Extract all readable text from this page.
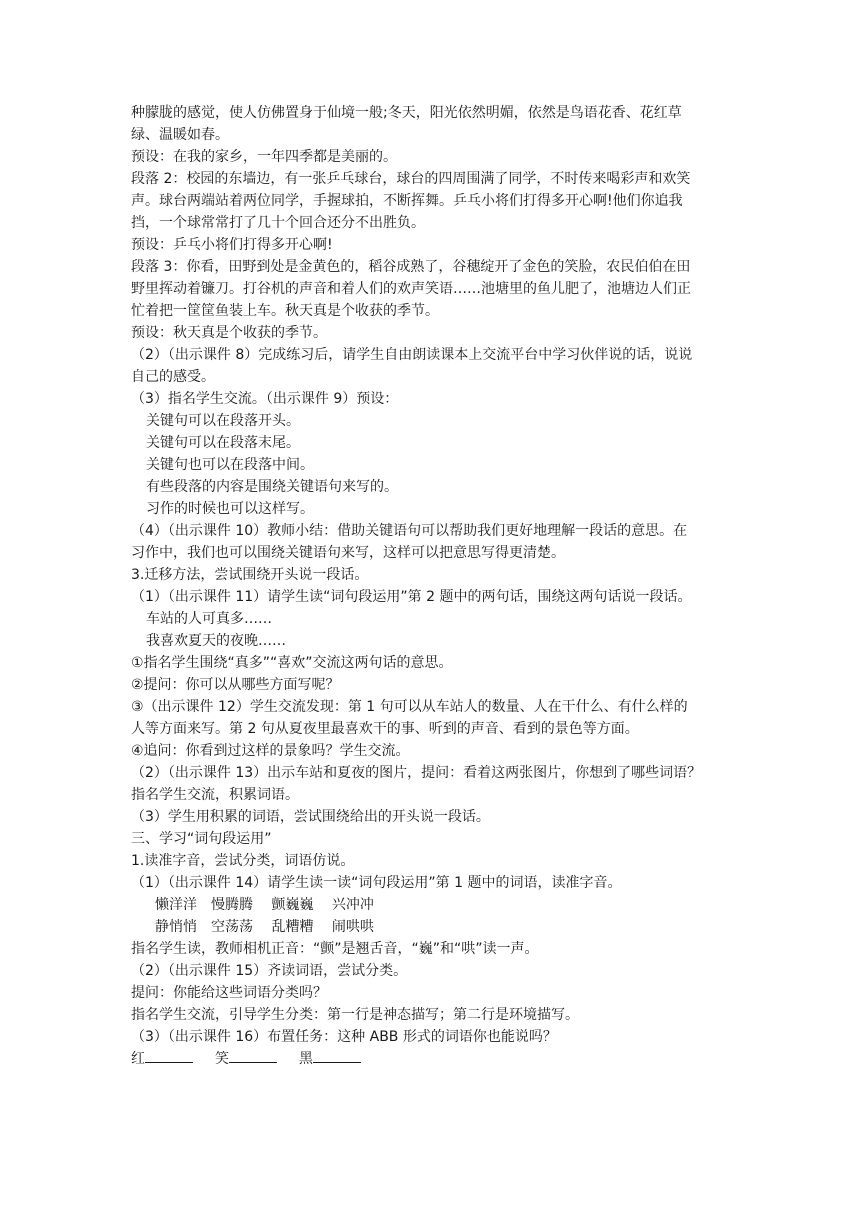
种朦胧的感觉，使人仿佛置身于仙境一般;冬天，阳光依然明媚，依然是鸟语花香、花红草
绿、温暖如春。
预设：在我的家乡，一年四季都是美丽的。
段落 2：校园的东墙边，有一张乒乓球台，球台的四周围满了同学，不时传来喝彩声和欢笑
声。球台两端站着两位同学，手握球拍，不断挥舞。乒乓小将们打得多开心啊!他们你追我
挡，一个球常常打了几十个回合还分不出胜负。
预设：乒乓小将们打得多开心啊!
段落 3：你看，田野到处是金黄色的，稻谷成熟了，谷穗绽开了金色的笑脸，农民伯伯在田
野里挥动着镰刀。打谷机的声音和着人们的欢声笑语……池塘里的鱼儿肥了，池塘边人们正
忙着把一筐筐鱼装上车。秋天真是个收获的季节。
预设：秋天真是个收获的季节。
（2）（出示课件 8）完成练习后，请学生自由朗读课本上交流平台中学习伙伴说的话，说说
自己的感受。
（3）指名学生交流。（出示课件 9）预设：
关键句可以在段落开头。
关键句可以在段落末尾。
关键句也可以在段落中间。
有些段落的内容是围绕关键语句来写的。
习作的时候也可以这样写。
（4）（出示课件 10）教师小结：借助关键语句可以帮助我们更好地理解一段话的意思。在
习作中，我们也可以围绕关键语句来写，这样可以把意思写得更清楚。
3.迁移方法，尝试围绕开头说一段话。
（1）（出示课件 11）请学生读“词句段运用”第 2 题中的两句话，围绕这两句话说一段话。
车站的人可真多……
我喜欢夏天的夜晚……
①指名学生围绕“真多”“喜欢”交流这两句话的意思。
②提问：你可以从哪些方面写呢？
③（出示课件 12）学生交流发现：第 1 句可以从车站人的数量、人在干什么、有什么样的
人等方面来写。第 2 句从夏夜里最喜欢干的事、听到的声音、看到的景色等方面。
④追问：你看到过这样的景象吗？学生交流。
（2）（出示课件 13）出示车站和夏夜的图片，提问：看着这两张图片，你想到了哪些词语？
指名学生交流，积累词语。
（3）学生用积累的词语，尝试围绕给出的开头说一段话。
三、学习“词句段运用”
1.读准字音，尝试分类，词语仿说。
（1）（出示课件 14）请学生读一读“词句段运用”第 1 题中的词语，读准字音。
懒洋洋　慢腾腾　 颤巍巍　 兴冲冲
静悄悄　空荡荡　 乱糟糟　 闹哄哄
指名学生读，教师相机正音：“颤”是翘舌音，“巍”和“哄”读一声。
（2）（出示课件 15）齐读词语，尝试分类。
提问：你能给这些词语分类吗？
指名学生交流，引导学生分类：第一行是神态描写；第二行是环境描写。
（3）（出示课件 16）布置任务：这种 ABB 形式的词语你也能说吗？
红	笑	黑
